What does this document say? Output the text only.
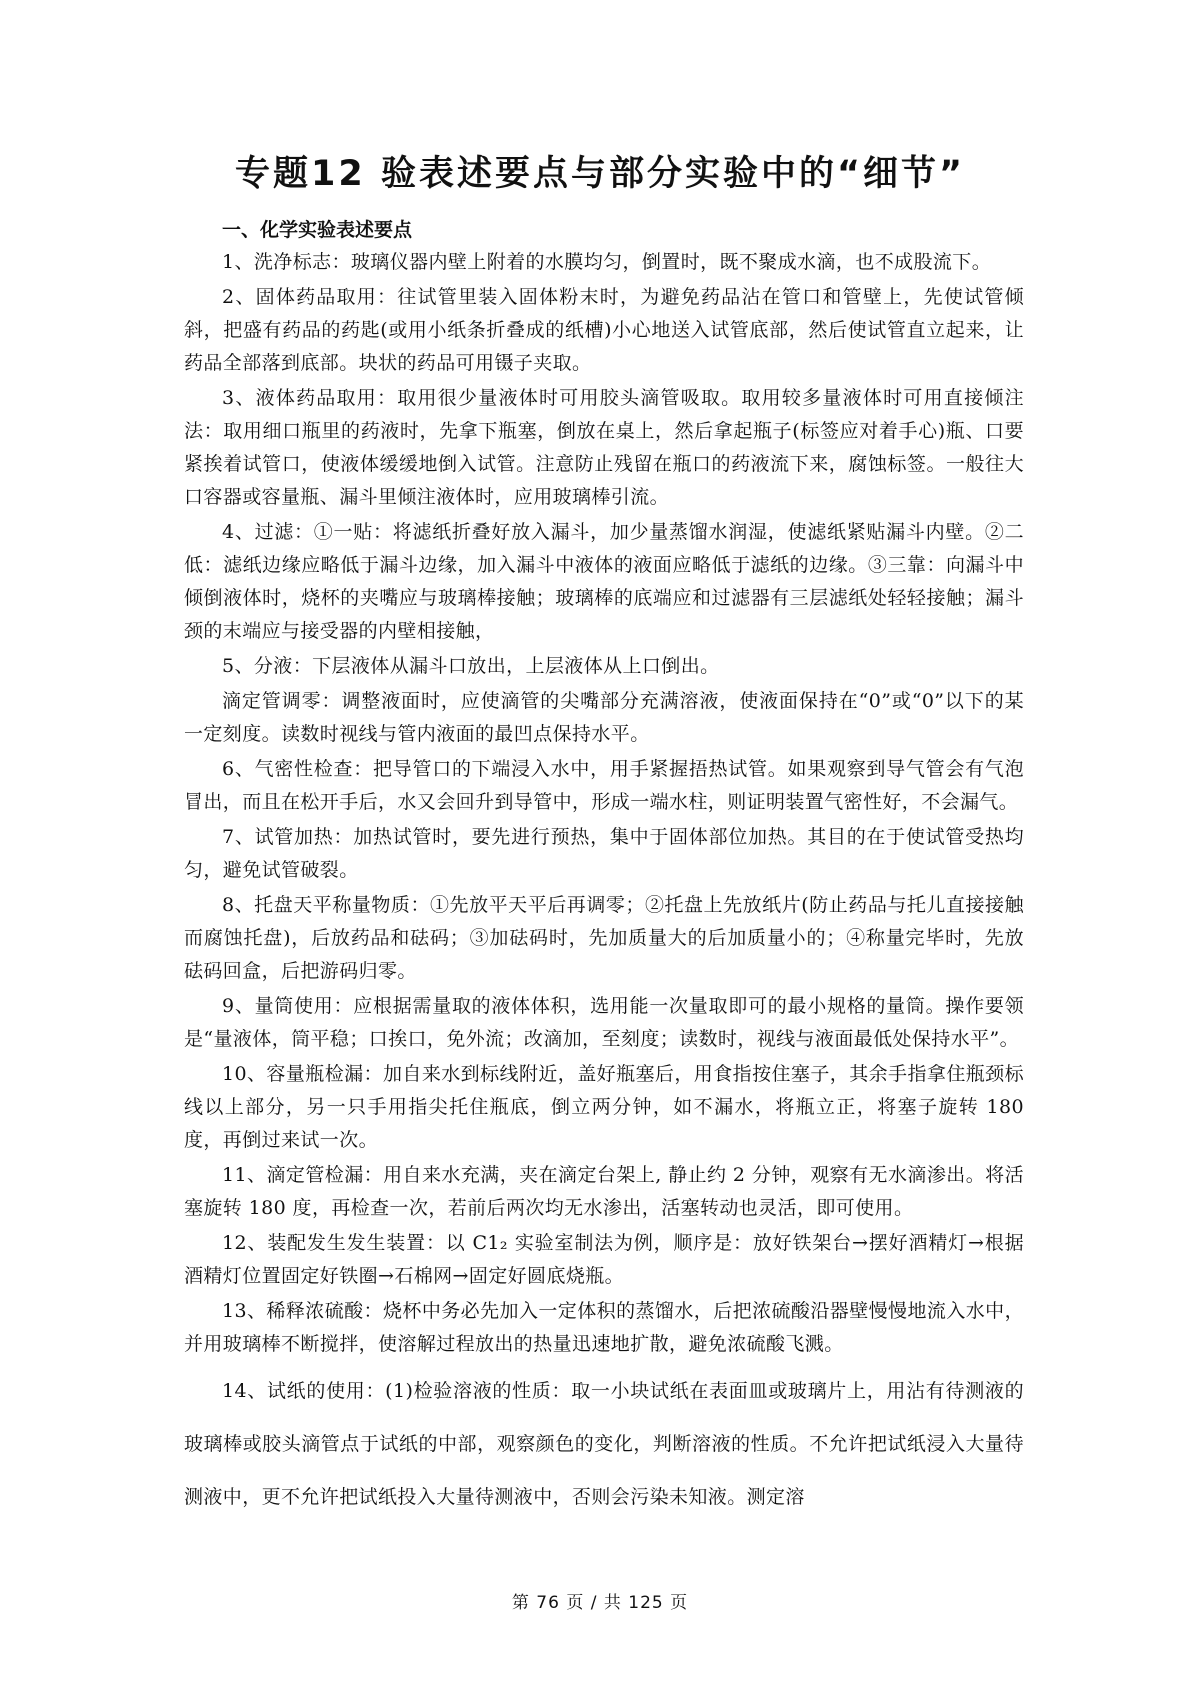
专题12 验表述要点与部分实验中的“细节”
一、化学实验表述要点

1、洗净标志：玻璃仪器内壁上附着的水膜均匀，倒置时，既不聚成水滴，也不成股流下。

2、固体药品取用：往试管里装入固体粉末时，为避免药品沾在管口和管壁上，先使试管倾斜，把盛有药品的药匙(或用小纸条折叠成的纸槽)小心地送入试管底部，然后使试管直立起来，让药品全部落到底部。块状的药品可用镊子夹取。

3、液体药品取用：取用很少量液体时可用胶头滴管吸取。取用较多量液体时可用直接倾注法：取用细口瓶里的药液时，先拿下瓶塞，倒放在桌上，然后拿起瓶子(标签应对着手心)瓶、口要紧挨着试管口，使液体缓缓地倒入试管。注意防止残留在瓶口的药液流下来，腐蚀标签。一般往大口容器或容量瓶、漏斗里倾注液体时，应用玻璃棒引流。

4、过滤：①一贴：将滤纸折叠好放入漏斗，加少量蒸馏水润湿，使滤纸紧贴漏斗内壁。②二低：滤纸边缘应略低于漏斗边缘，加入漏斗中液体的液面应略低于滤纸的边缘。③三靠：向漏斗中倾倒液体时，烧杯的夹嘴应与玻璃棒接触；玻璃棒的底端应和过滤器有三层滤纸处轻轻接触；漏斗颈的末端应与接受器的内壁相接触，

5、分液：下层液体从漏斗口放出，上层液体从上口倒出。

滴定管调零：调整液面时，应使滴管的尖嘴部分充满溶液，使液面保持在“0”或“0”以下的某一定刻度。读数时视线与管内液面的最凹点保持水平。

6、气密性检查：把导管口的下端浸入水中，用手紧握捂热试管。如果观察到导气管会有气泡冒出，而且在松开手后，水又会回升到导管中，形成一端水柱，则证明装置气密性好，不会漏气。

7、试管加热：加热试管时，要先进行预热，集中于固体部位加热。其目的在于使试管受热均匀，避免试管破裂。

8、托盘天平称量物质：①先放平天平后再调零；②托盘上先放纸片(防止药品与托儿直接接触而腐蚀托盘)，后放药品和砝码；③加砝码时，先加质量大的后加质量小的；④称量完毕时，先放砝码回盒，后把游码归零。

9、量筒使用：应根据需量取的液体体积，选用能一次量取即可的最小规格的量筒。操作要领是“量液体，筒平稳；口挨口，免外流；改滴加，至刻度；读数时，视线与液面最低处保持水平”。

10、容量瓶检漏：加自来水到标线附近，盖好瓶塞后，用食指按住塞子，其余手指拿住瓶颈标线以上部分，另一只手用指尖托住瓶底，倒立两分钟，如不漏水，将瓶立正，将塞子旋转 180 度，再倒过来试一次。

11、滴定管检漏：用自来水充满，夹在滴定台架上, 静止约 2 分钟，观察有无水滴渗出。将活塞旋转 180 度，再检查一次，若前后两次均无水渗出，活塞转动也灵活，即可使用。

12、装配发生发生装置：以 C1₂ 实验室制法为例，顺序是：放好铁架台→摆好酒精灯→根据酒精灯位置固定好铁圈→石棉网→固定好圆底烧瓶。

13、稀释浓硫酸：烧杯中务必先加入一定体积的蒸馏水，后把浓硫酸沿器壁慢慢地流入水中，并用玻璃棒不断搅拌，使溶解过程放出的热量迅速地扩散，避免浓硫酸飞溅。

14、试纸的使用：(1)检验溶液的性质：取一小块试纸在表面皿或玻璃片上，用沾有待测液的玻璃棒或胶头滴管点于试纸的中部，观察颜色的变化，判断溶液的性质。不允许把试纸浸入大量待测液中，更不允许把试纸投入大量待测液中，否则会污染未知液。测定溶

第 76 页 / 共 125 页
